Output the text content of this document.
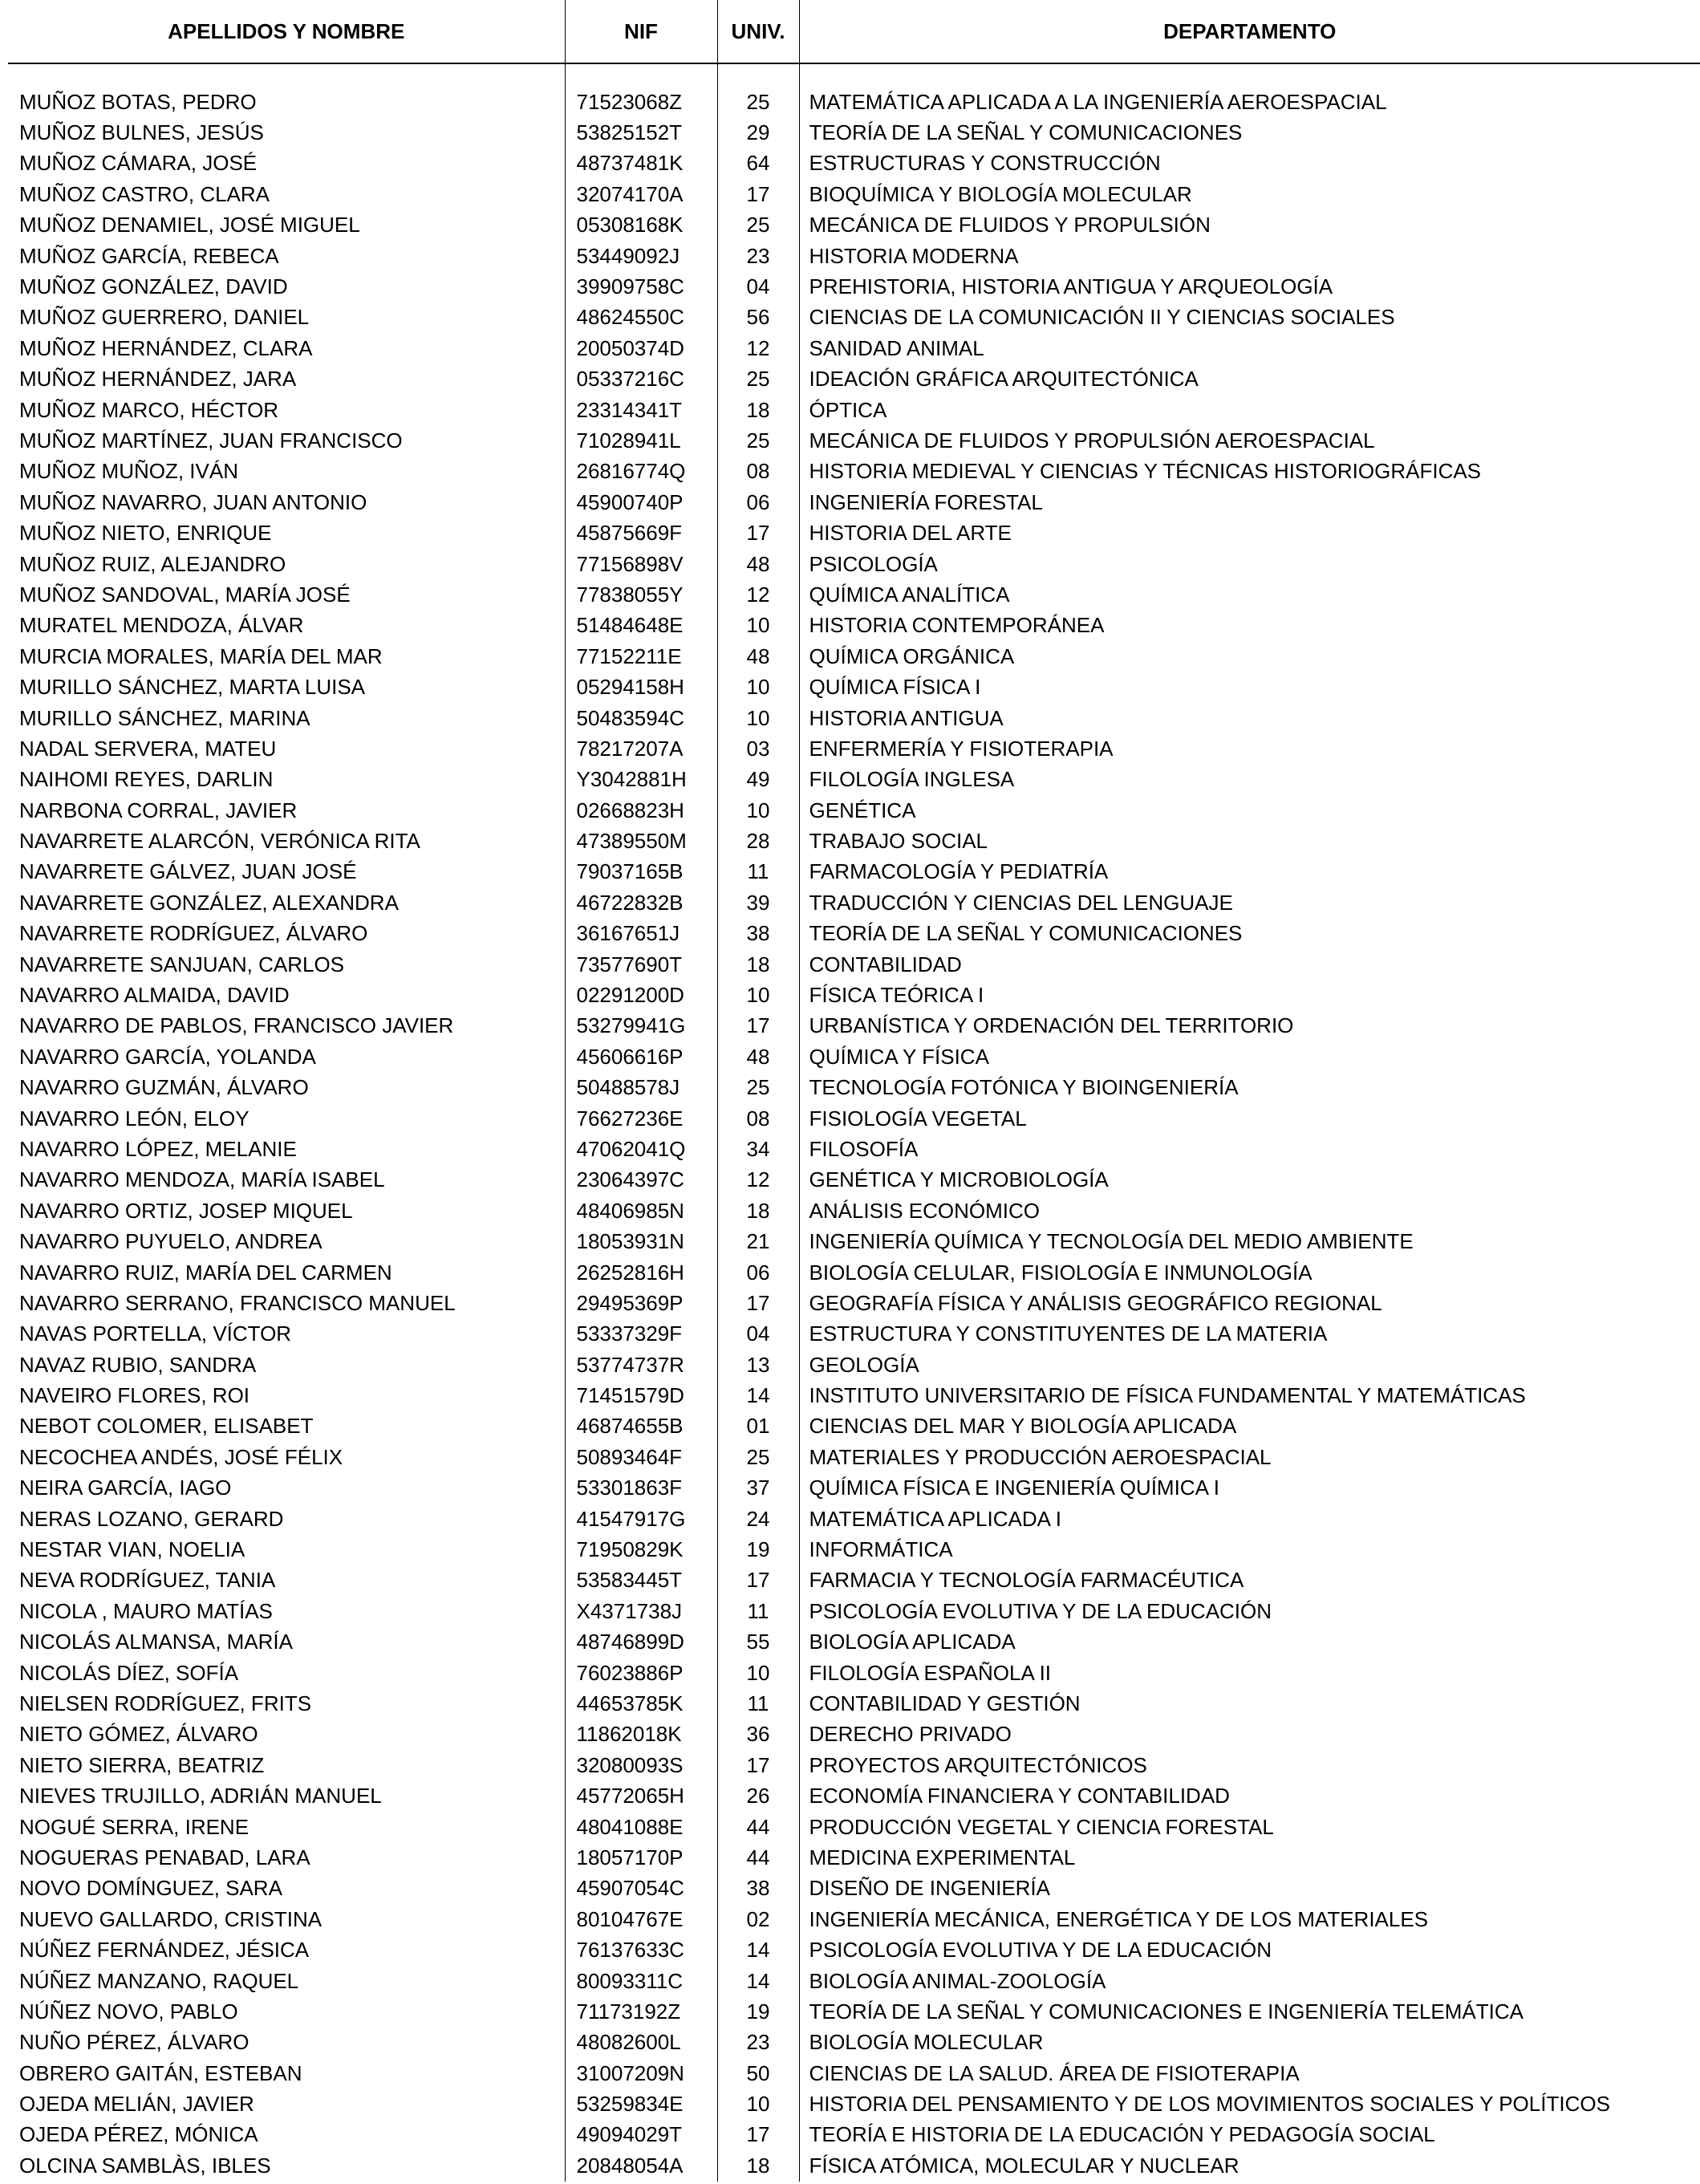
APELLIDOS Y NOMBRE	NIF	UNIV.	DEPARTAMENTO

MUÑOZ BOTAS, PEDRO	71523068Z	25	MATEMÁTICA APLICADA A LA INGENIERÍA AEROESPACIAL
MUÑOZ BULNES, JESÚS	53825152T	29	TEORÍA DE LA SEÑAL Y COMUNICACIONES
MUÑOZ CÁMARA, JOSÉ	48737481K	64	ESTRUCTURAS Y CONSTRUCCIÓN
MUÑOZ CASTRO, CLARA	32074170A	17	BIOQUÍMICA Y BIOLOGÍA MOLECULAR
MUÑOZ DENAMIEL, JOSÉ MIGUEL	05308168K	25	MECÁNICA DE FLUIDOS Y PROPULSIÓN
MUÑOZ GARCÍA, REBECA	53449092J	23	HISTORIA MODERNA
MUÑOZ GONZÁLEZ, DAVID	39909758C	04	PREHISTORIA, HISTORIA ANTIGUA Y ARQUEOLOGÍA
MUÑOZ GUERRERO, DANIEL	48624550C	56	CIENCIAS DE LA COMUNICACIÓN II Y CIENCIAS SOCIALES
MUÑOZ HERNÁNDEZ, CLARA	20050374D	12	SANIDAD ANIMAL
MUÑOZ HERNÁNDEZ, JARA	05337216C	25	IDEACIÓN GRÁFICA ARQUITECTÓNICA
MUÑOZ MARCO, HÉCTOR	23314341T	18	ÓPTICA
MUÑOZ MARTÍNEZ, JUAN FRANCISCO	71028941L	25	MECÁNICA DE FLUIDOS Y PROPULSIÓN AEROESPACIAL
MUÑOZ MUÑOZ, IVÁN	26816774Q	08	HISTORIA MEDIEVAL Y CIENCIAS Y TÉCNICAS HISTORIOGRÁFICAS
MUÑOZ NAVARRO, JUAN ANTONIO	45900740P	06	INGENIERÍA FORESTAL
MUÑOZ NIETO, ENRIQUE	45875669F	17	HISTORIA DEL ARTE
MUÑOZ RUIZ, ALEJANDRO	77156898V	48	PSICOLOGÍA
MUÑOZ SANDOVAL, MARÍA JOSÉ	77838055Y	12	QUÍMICA ANALÍTICA
MURATEL MENDOZA, ÁLVAR	51484648E	10	HISTORIA CONTEMPORÁNEA
MURCIA MORALES, MARÍA DEL MAR	77152211E	48	QUÍMICA ORGÁNICA
MURILLO SÁNCHEZ, MARTA LUISA	05294158H	10	QUÍMICA FÍSICA I
MURILLO SÁNCHEZ, MARINA	50483594C	10	HISTORIA ANTIGUA
NADAL SERVERA, MATEU	78217207A	03	ENFERMERÍA Y FISIOTERAPIA
NAIHOMI REYES, DARLIN	Y3042881H	49	FILOLOGÍA INGLESA
NARBONA CORRAL, JAVIER	02668823H	10	GENÉTICA
NAVARRETE ALARCÓN, VERÓNICA RITA	47389550M	28	TRABAJO SOCIAL
NAVARRETE GÁLVEZ, JUAN JOSÉ	79037165B	11	FARMACOLOGÍA Y PEDIATRÍA
NAVARRETE GONZÁLEZ, ALEXANDRA	46722832B	39	TRADUCCIÓN Y CIENCIAS DEL LENGUAJE
NAVARRETE RODRÍGUEZ, ÁLVARO	36167651J	38	TEORÍA DE LA SEÑAL Y COMUNICACIONES
NAVARRETE SANJUAN, CARLOS	73577690T	18	CONTABILIDAD
NAVARRO ALMAIDA, DAVID	02291200D	10	FÍSICA TEÓRICA I
NAVARRO DE PABLOS, FRANCISCO JAVIER	53279941G	17	URBANÍSTICA Y ORDENACIÓN DEL TERRITORIO
NAVARRO GARCÍA, YOLANDA	45606616P	48	QUÍMICA Y FÍSICA
NAVARRO GUZMÁN, ÁLVARO	50488578J	25	TECNOLOGÍA FOTÓNICA Y BIOINGENIERÍA
NAVARRO LEÓN, ELOY	76627236E	08	FISIOLOGÍA VEGETAL
NAVARRO LÓPEZ, MELANIE	47062041Q	34	FILOSOFÍA
NAVARRO MENDOZA, MARÍA ISABEL	23064397C	12	GENÉTICA Y MICROBIOLOGÍA
NAVARRO ORTIZ, JOSEP MIQUEL	48406985N	18	ANÁLISIS ECONÓMICO
NAVARRO PUYUELO, ANDREA	18053931N	21	INGENIERÍA QUÍMICA Y TECNOLOGÍA DEL MEDIO AMBIENTE
NAVARRO RUIZ, MARÍA DEL CARMEN	26252816H	06	BIOLOGÍA CELULAR, FISIOLOGÍA E INMUNOLOGÍA
NAVARRO SERRANO, FRANCISCO MANUEL	29495369P	17	GEOGRAFÍA FÍSICA Y ANÁLISIS GEOGRÁFICO REGIONAL
NAVAS PORTELLA, VÍCTOR	53337329F	04	ESTRUCTURA Y CONSTITUYENTES DE LA MATERIA
NAVAZ RUBIO, SANDRA	53774737R	13	GEOLOGÍA
NAVEIRO FLORES, ROI	71451579D	14	INSTITUTO UNIVERSITARIO DE FÍSICA FUNDAMENTAL Y MATEMÁTICAS
NEBOT COLOMER, ELISABET	46874655B	01	CIENCIAS DEL MAR Y BIOLOGÍA APLICADA
NECOCHEA ANDÉS, JOSÉ FÉLIX	50893464F	25	MATERIALES Y PRODUCCIÓN AEROESPACIAL
NEIRA GARCÍA, IAGO	53301863F	37	QUÍMICA FÍSICA E INGENIERÍA QUÍMICA I
NERAS LOZANO, GERARD	41547917G	24	MATEMÁTICA APLICADA I
NESTAR VIAN, NOELIA	71950829K	19	INFORMÁTICA
NEVA RODRÍGUEZ, TANIA	53583445T	17	FARMACIA Y TECNOLOGÍA FARMACÉUTICA
NICOLA , MAURO MATÍAS	X4371738J	11	PSICOLOGÍA EVOLUTIVA Y DE LA EDUCACIÓN
NICOLÁS ALMANSA, MARÍA	48746899D	55	BIOLOGÍA APLICADA
NICOLÁS DÍEZ, SOFÍA	76023886P	10	FILOLOGÍA ESPAÑOLA II
NIELSEN RODRÍGUEZ, FRITS	44653785K	11	CONTABILIDAD Y GESTIÓN
NIETO GÓMEZ, ÁLVARO	11862018K	36	DERECHO PRIVADO
NIETO SIERRA, BEATRIZ	32080093S	17	PROYECTOS ARQUITECTÓNICOS
NIEVES TRUJILLO, ADRIÁN MANUEL	45772065H	26	ECONOMÍA FINANCIERA Y CONTABILIDAD
NOGUÉ SERRA, IRENE	48041088E	44	PRODUCCIÓN VEGETAL Y CIENCIA FORESTAL
NOGUERAS PENABAD, LARA	18057170P	44	MEDICINA EXPERIMENTAL
NOVO DOMÍNGUEZ, SARA	45907054C	38	DISEÑO DE INGENIERÍA
NUEVO GALLARDO, CRISTINA	80104767E	02	INGENIERÍA MECÁNICA, ENERGÉTICA Y DE LOS MATERIALES
NÚÑEZ FERNÁNDEZ, JÉSICA	76137633C	14	PSICOLOGÍA EVOLUTIVA Y DE LA EDUCACIÓN
NÚÑEZ MANZANO, RAQUEL	80093311C	14	BIOLOGÍA ANIMAL-ZOOLOGÍA
NÚÑEZ NOVO, PABLO	71173192Z	19	TEORÍA DE LA SEÑAL Y COMUNICACIONES E INGENIERÍA TELEMÁTICA
NUÑO PÉREZ, ÁLVARO	48082600L	23	BIOLOGÍA MOLECULAR
OBRERO GAITÁN, ESTEBAN	31007209N	50	CIENCIAS DE LA SALUD. ÁREA DE FISIOTERAPIA
OJEDA MELIÁN, JAVIER	53259834E	10	HISTORIA DEL PENSAMIENTO Y DE LOS MOVIMIENTOS SOCIALES Y POLÍTICOS
OJEDA PÉREZ, MÓNICA	49094029T	17	TEORÍA E HISTORIA DE LA EDUCACIÓN Y PEDAGOGÍA SOCIAL
OLCINA SAMBLÀS, IBLES	20848054A	18	FÍSICA ATÓMICA, MOLECULAR Y NUCLEAR
